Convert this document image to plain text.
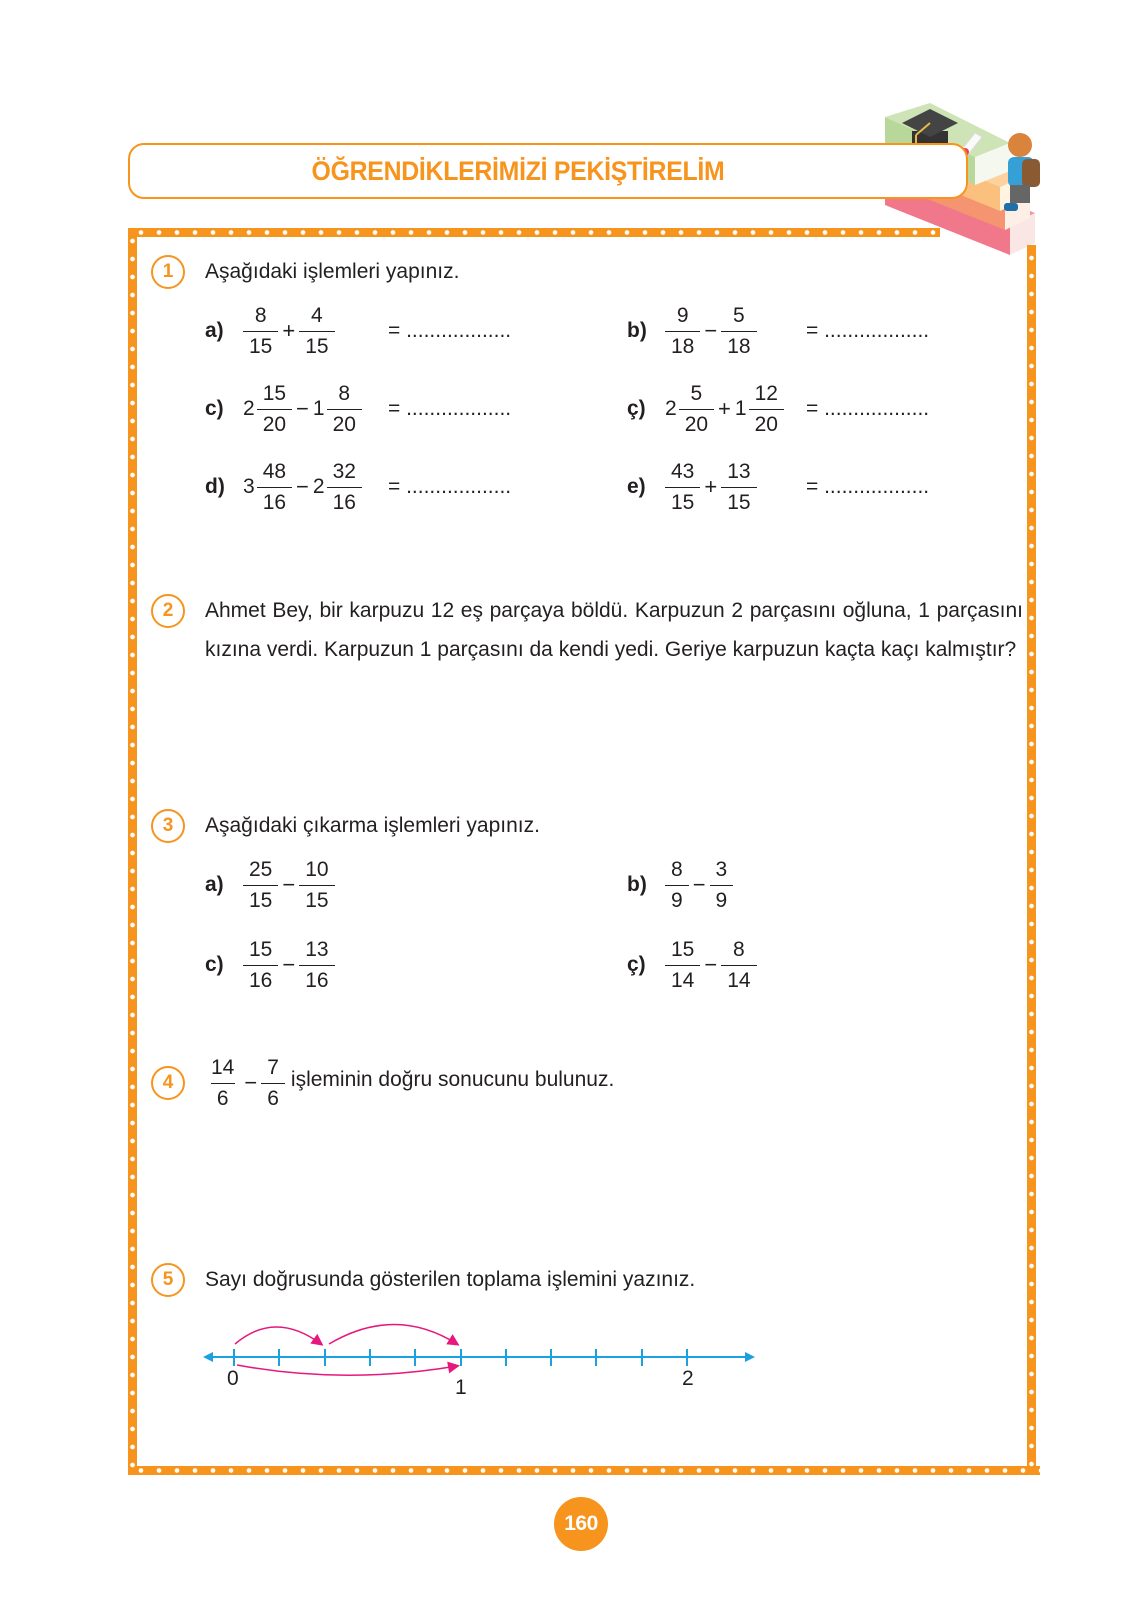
ÖĞRENDİKLERİMİZİ PEKİŞTİRELİM
1 Aşağıdaki işlemleri yapınız.
$a) \frac{8}{15} + \frac{4}{15}$	= ..................	$b) \frac{9}{18} - \frac{5}{18}$ = ..................
c) $2 \frac{15}{20} - 1 \frac{8}{20}$ = ..................	ç) $2 \frac{5}{20} + 1 \frac{12}{20}$ = ..................
d) $3 \frac{48}{16} - 2 \frac{32}{16}$ = ..................	$e) \frac{43}{15} + \frac{13}{15}$ = ..................
2 Ahmet Bey, bir karpuzu 12 eş parçaya böldü. Karpuzun 2 parçasını oğluna, 1 parçasını kızına verdi. Karpuzun 1 parçasını da kendi yedi. Geriye karpuzun kaçta kaçı kalmıştır?
3 Aşağıdaki çıkarma işlemleri yapınız.
$a) \frac{25}{15} - \frac{10}{15}$	$b) \frac{8}{9} - \frac{3}{9}$
$c) \frac{15}{16} - \frac{13}{16}$	ç) $\frac{15}{14} - \frac{8}{14}$
$4 \frac{14}{6} - \frac{7}{6}$ işleminin doğru sonucunu bulunuz.
5 Sayı doğrusunda gösterilen toplama işlemini yazınız.
0	1	2
160
